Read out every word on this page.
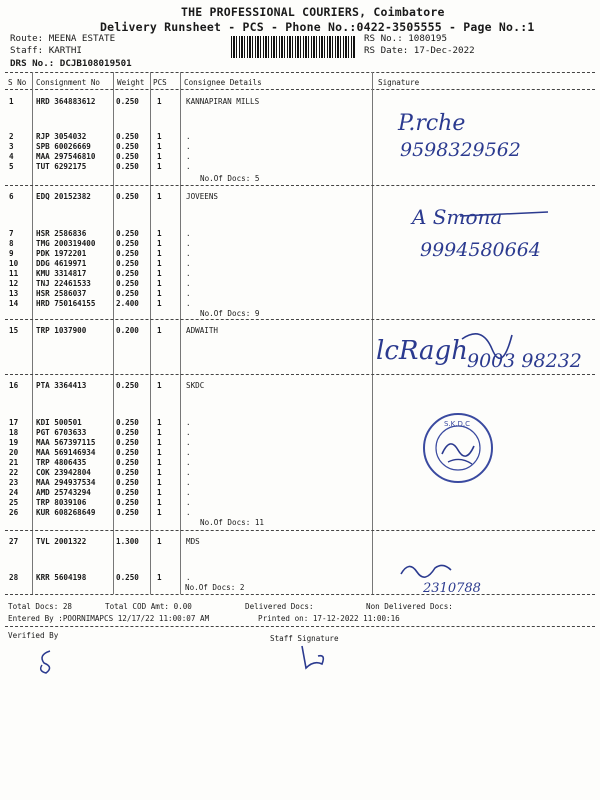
THE PROFESSIONAL COURIERS, Coimbatore
Delivery Runsheet - PCS - Phone No.:0422-3505555 - Page No.:1
Route: MEENA ESTATE
Staff: KARTHI
DRS No.: DCJB108019501
RS No.: 1080195
RS Date: 17-Dec-2022
S No Consignment No Weight PCS Consignee Details	Signature
1	HRD 364883612	0.250 1	KANNAPIRAN MILLS
2	RJP 3054032	0.250 1	.
3	SPB 60026669	0.250 1	.
4	MAA 297546810	0.250 1	.
5	TUT 6292175	0.250 1	.
No.Of Docs: 5
6	EDQ 20152382	0.250 1	JOVEENS
7	HSR 2586836	0.250 1	.
8	TMG 200319400	0.250 1	.
9	PDK 1972201	0.250 1	.
10 DDG 4619971	0.250 1	.
11 KMU 3314817	0.250 1	.
12 TNJ 22461533	0.250 1	.
13 HSR 2586037	0.250 1	.
14 HRD 750164155	2.400 1	.
No.Of Docs: 9
15 TRP 1037900	0.200 1	ADWAITH
16 PTA 3364413	0.250 1	SKDC
17 KDI 500501	0.250 1	.
18 PGT 6703633	0.250 1	.
19 MAA 567397115	0.250 1	.
20 MAA 569146934	0.250 1	.
21 TRP 4806435	0.250 1	.
22 COK 23942804	0.250 1	.
23 MAA 294937534	0.250 1	.
24 AMD 25743294	0.250 1	.
25 TRP 8039106	0.250 1	.
26 KUR 608268649	0.250 1	.
No.Of Docs: 11
27 TVL 2001322	1.300 1	MDS
28 KRR 5604198	0.250 1	.
No.Of Docs: 2
Total Docs: 28	Total COD Amt: 0.00	Delivered Docs:	Non Delivered Docs:
Entered By :POORNIMAPCS 12/17/22 11:00:07 AM	Printed on: 17-12-2022 11:00:16
Verified By	Staff Signature
P.rche
9598329562
A Smona
9994580664
lcRagh 9003 98232
S.K.D.C
2310788
